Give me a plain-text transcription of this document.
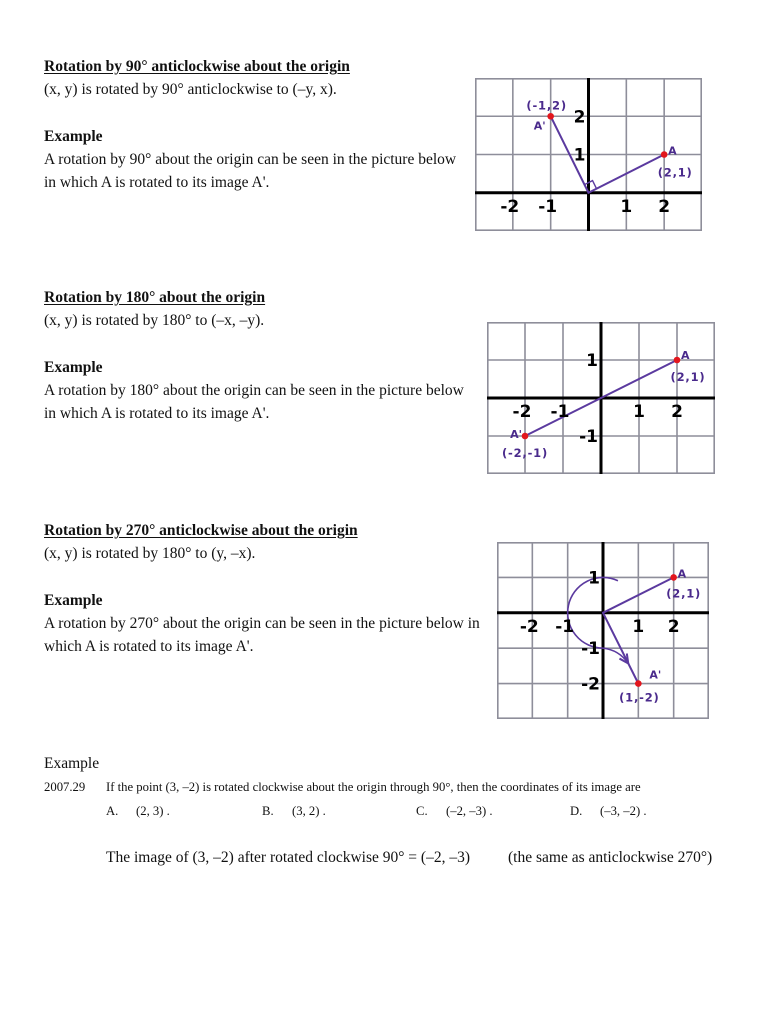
Rotation by 90° anticlockwise about the origin
(x, y) is rotated by 90° anticlockwise to (–y, x).
Example
A rotation by 90° about the origin can be seen in the picture below
in which A is rotated to its image A'.
A
(2,1)
A'
(-1,2)
-2 -1	1 2
2
1
Rotation by 180° about the origin
(x, y) is rotated by 180° to (–x, –y).
Example
A rotation by 180° about the origin can be seen in the picture below
in which A is rotated to its image A'.
A
(2,1)
A'
(-2,-1)
-2 -1	1 2
1
-1
Rotation by 270° anticlockwise about the origin
(x, y) is rotated by 180° to (y, –x).
Example
A rotation by 270° about the origin can be seen in the picture below in
which A is rotated to its image A'.
A
(2,1)
A'
(1,-2)
-2 -1	1 2
1
-1
-2
Example
2007.29 If the point (3, –2) is rotated clockwise about the origin through 90°, then the coordinates of its image are
A. (2, 3) .	B. (3, 2) .	C. (–2, –3) .	D. (–3, –2) .
The image of (3, –2) after rotated clockwise 90° = (–2, –3) (the same as anticlockwise 270°)
